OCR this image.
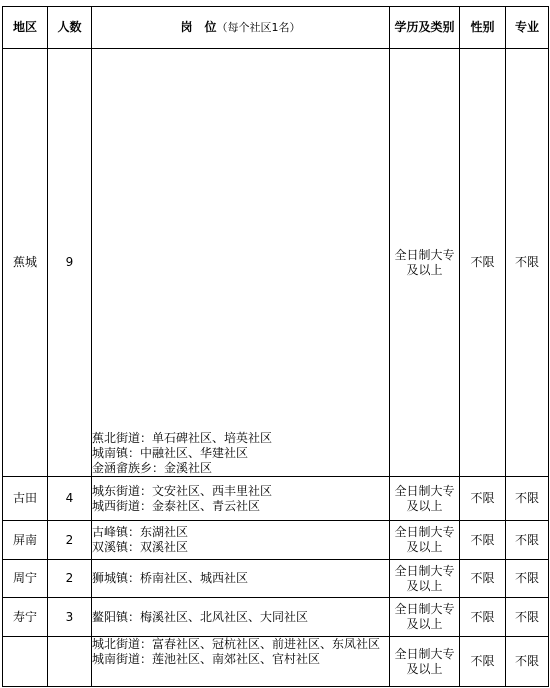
地区	人数	岗　位（每个社区1名）	学历及类别	性别	专业
蕉城	9	蕉北街道：单石碑社区、培英社区
城南镇：中融社区、华建社区
金涵畲族乡：金溪社区	全日制大专及以上	不限	不限
古田	4	城东街道：文安社区、西丰里社区
城西街道：金泰社区、青云社区	全日制大专及以上	不限	不限
屏南	2	古峰镇：东湖社区
双溪镇：双溪社区	全日制大专及以上	不限	不限
周宁	2	狮城镇：桥南社区、城西社区	全日制大专及以上	不限	不限
寿宁	3	鳌阳镇：梅溪社区、北风社区、大同社区	全日制大专及以上	不限	不限

		城北街道：富春社区、冠杭社区、前进社区、东凤社区
城南街道：莲池社区、南郊社区、官村社区	全日制大专及以上	不限	不限
